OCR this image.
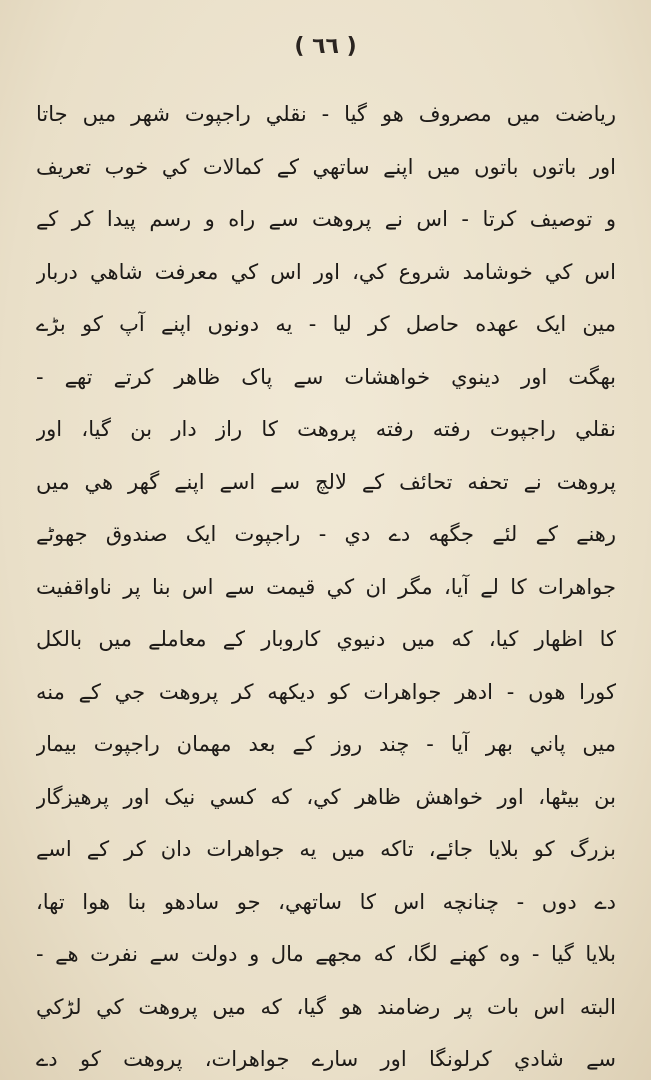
( ٦٦ )
رياضت ميں مصروف هو گيا - نقلي راجپوت شهر ميں جاتا
اور باتوں باتوں ميں اپنے ساتھي کے کمالات کي خوب تعريف
و توصيف کرتا - اس نے پروهت سے راه و رسم پيدا کر کے
اس کي خوشامد شروع کي، اور اس کي معرفت شاهي دربار
مين ايک عهده حاصل کر ليا - يه دونوں اپنے آپ کو بڑے
بهگت اور دينوي خواهشات سے پاک ظاهر کرتے تهے -
نقلي راجپوت رفته رفته پروهت کا راز دار بن گيا، اور
پروهت نے تحفه تحائف کے لالچ سے اسے اپنے گھر هي ميں
رهنے کے لئے جگهه دے دي - راجپوت ايک صندوق جهوٹے
جواهرات کا لے آيا، مگر ان کي قيمت سے اس بنا پر ناواقفيت
کا اظهار کيا، که ميں دنيوي کاروبار کے معاملے ميں بالکل
کورا هوں - ادهر جواهرات کو ديکهه کر پروهت جي کے منه
ميں پاني بهر آيا - چند روز کے بعد مهمان راجپوت بيمار
بن بيٹها، اور خواهش ظاهر کي، که کسي نيک اور پرهيزگار
بزرگ کو بلايا جائے، تاکه ميں يه جواهرات دان کر کے اسے
دے دوں - چنانچه اس کا ساتهي، جو سادهو بنا هوا تها،
بلايا گيا - وه کهنے لگا، که مجهے مال و دولت سے نفرت هے -
البته اس بات پر رضامند هو گيا، که ميں پروهت کي لڑکي
سے شادي کرلونگا اور سارے جواهرات، پروهت کو دے
